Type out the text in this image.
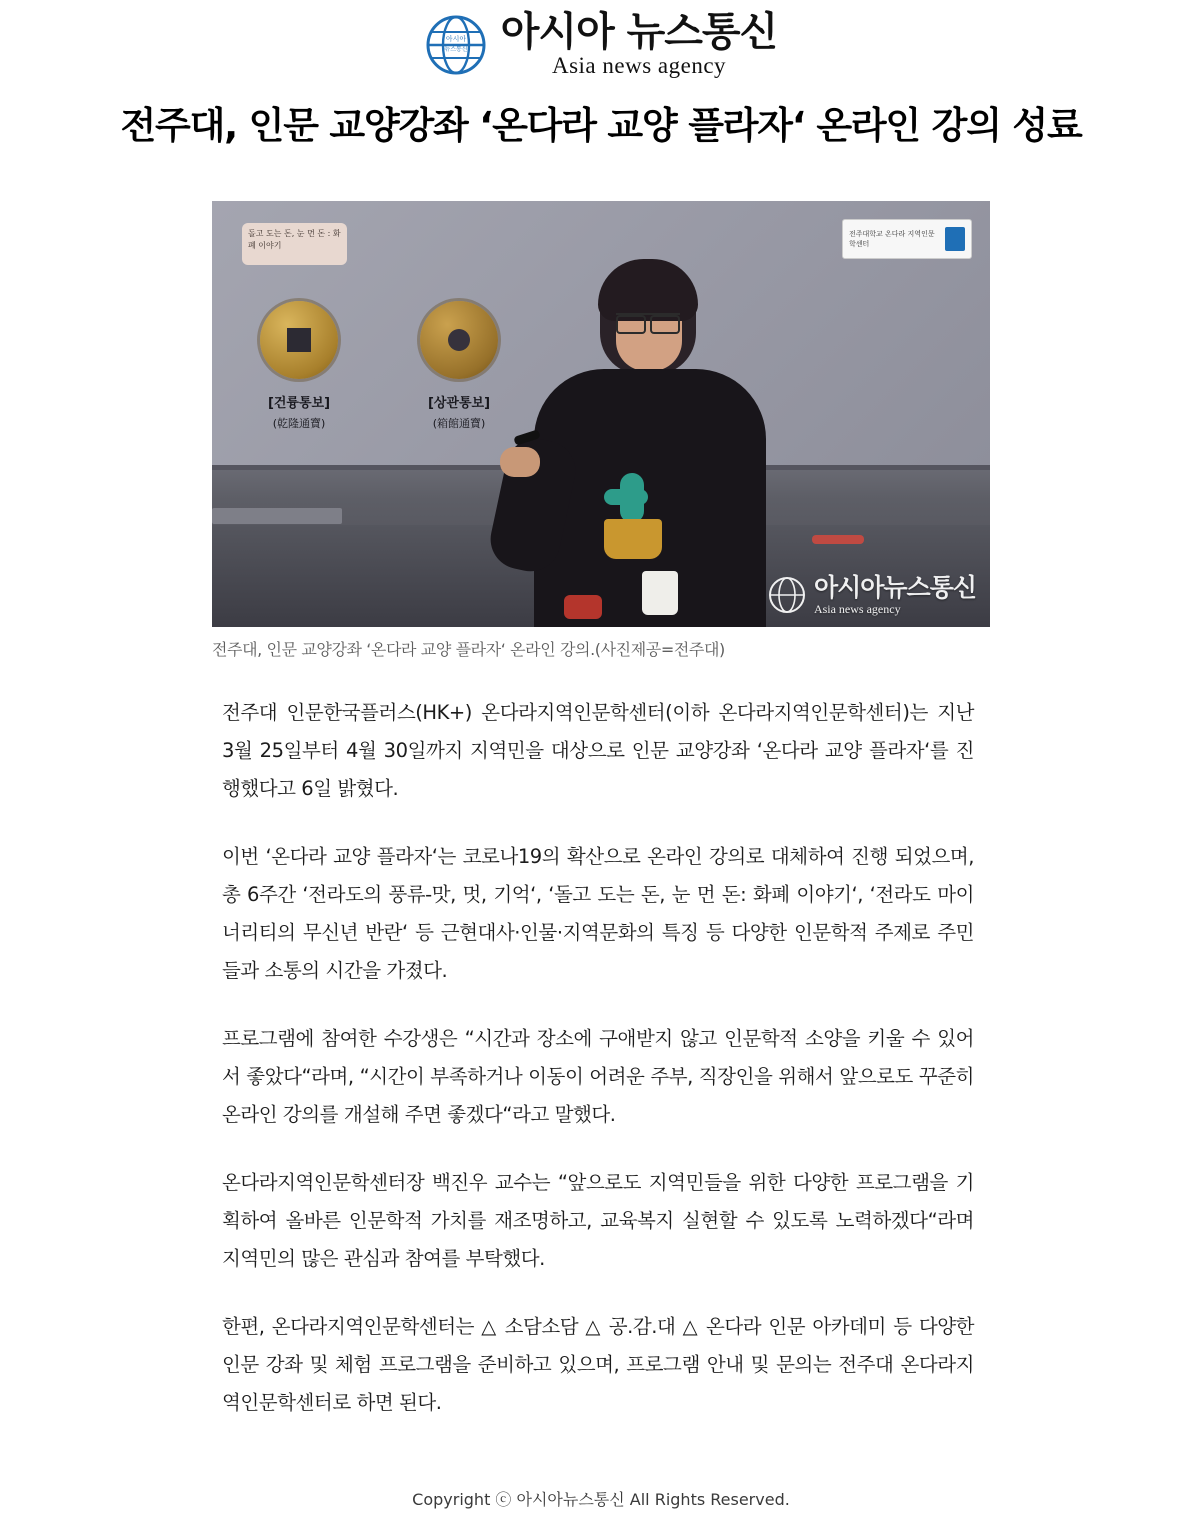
아시아
뉴스통신 아시아 뉴스통신
Asia news agency
전주대, 인문 교양강좌 ‘온다라 교양 플라자‘ 온라인 강의 성료
돌고 도는 돈, 눈 먼 돈 : 화폐 이야기
전주대학교 온다라 지역인문학센터
[건륭통보]
(乾隆通寶)
[상관통보]
(箱館通寶)
아시아뉴스통신
Asia news agency
전주대, 인문 교양강좌 ‘온다라 교양 플라자‘ 온라인 강의.(사진제공=전주대)

전주대 인문한국플러스(HK+) 온다라지역인문학센터(이하 온다라지역인문학센터)는 지난 3월 25일부터 4월 30일까지 지역민을 대상으로 인문 교양강좌 ‘온다라 교양 플라자‘를 진행했다고 6일 밝혔다.

이번 ‘온다라 교양 플라자‘는 코로나19의 확산으로 온라인 강의로 대체하여 진행 되었으며, 총 6주간 ‘전라도의 풍류-맛, 멋, 기억‘, ‘돌고 도는 돈, 눈 먼 돈: 화폐 이야기‘, ‘전라도 마이너리티의 무신년 반란‘ 등 근현대사·인물·지역문화의 특징 등 다양한 인문학적 주제로 주민들과 소통의 시간을 가졌다.

프로그램에 참여한 수강생은 “시간과 장소에 구애받지 않고 인문학적 소양을 키울 수 있어서 좋았다“라며, “시간이 부족하거나 이동이 어려운 주부, 직장인을 위해서 앞으로도 꾸준히 온라인 강의를 개설해 주면 좋겠다“라고 말했다.

온다라지역인문학센터장 백진우 교수는 “앞으로도 지역민들을 위한 다양한 프로그램을 기획하여 올바른 인문학적 가치를 재조명하고, 교육복지 실현할 수 있도록 노력하겠다“라며 지역민의 많은 관심과 참여를 부탁했다.

한편, 온다라지역인문학센터는 △ 소담소담 △ 공.감.대 △ 온다라 인문 아카데미 등 다양한 인문 강좌 및 체험 프로그램을 준비하고 있으며, 프로그램 안내 및 문의는 전주대 온다라지역인문학센터로 하면 된다.

Copyright ⓒ 아시아뉴스통신 All Rights Reserved.
